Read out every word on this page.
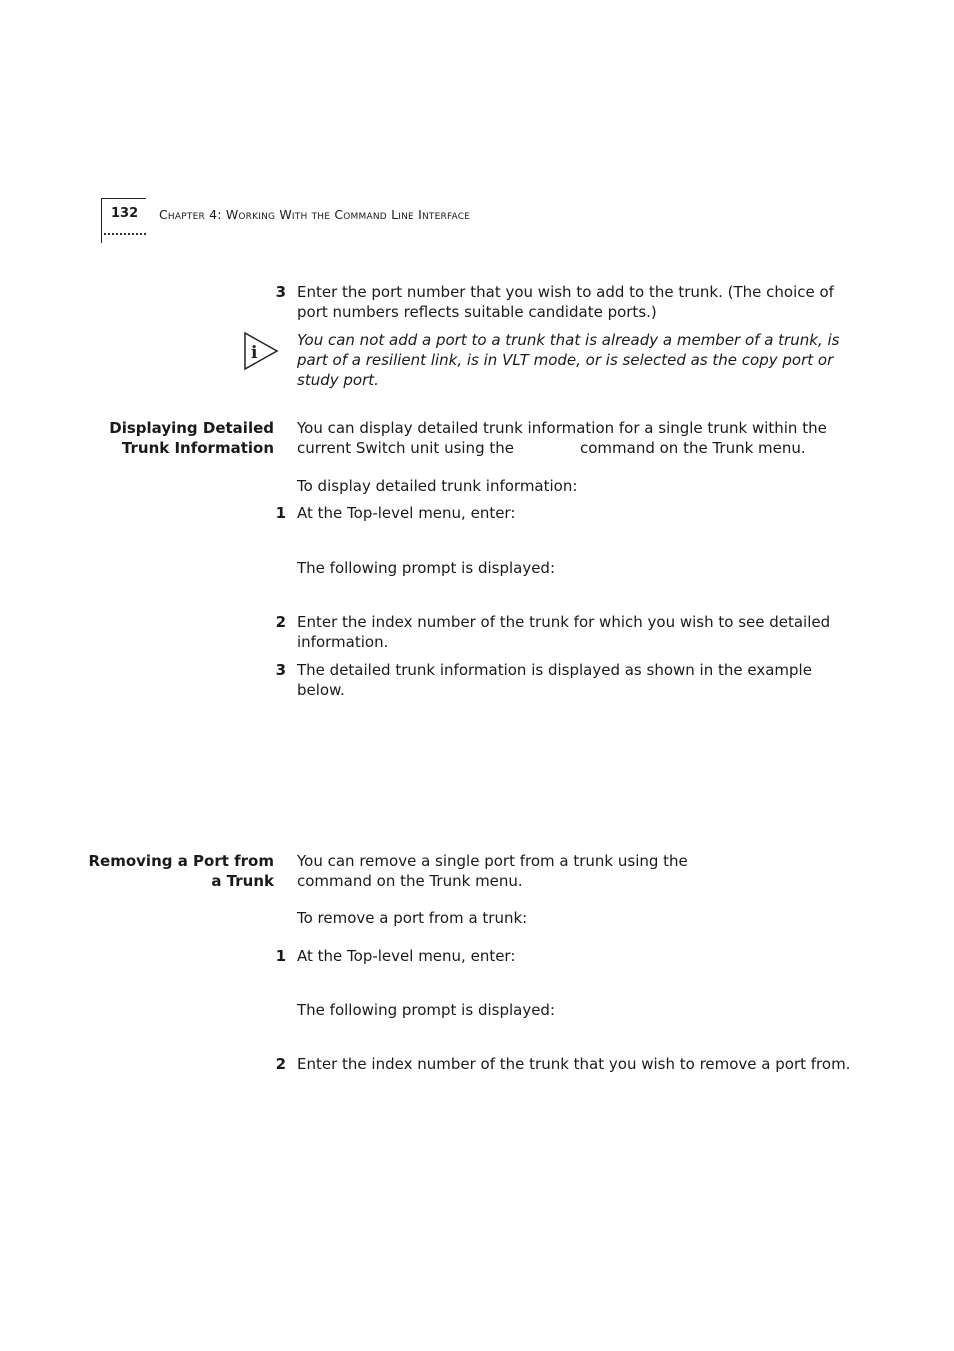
132 Chapter 4: Working With the Command Line Interface
3 Enter the port number that you wish to add to the trunk. (The choice of
port numbers reflects suitable candidate ports.)
i
You can not add a port to a trunk that is already a member of a trunk, is
part of a resilient link, is in VLT mode, or is selected as the copy port or
study port.
Displaying Detailed
Trunk Information
You can display detailed trunk information for a single trunk within the
current Switch unit using the	command on the Trunk menu.
To display detailed trunk information:
1 At the Top-level menu, enter:
The following prompt is displayed:
2 Enter the index number of the trunk for which you wish to see detailed
information.
3 The detailed trunk information is displayed as shown in the example
below.
Removing a Port from
a Trunk
You can remove a single port from a trunk using the
command on the Trunk menu.
To remove a port from a trunk:
1 At the Top-level menu, enter:
The following prompt is displayed:
2 Enter the index number of the trunk that you wish to remove a port from.
